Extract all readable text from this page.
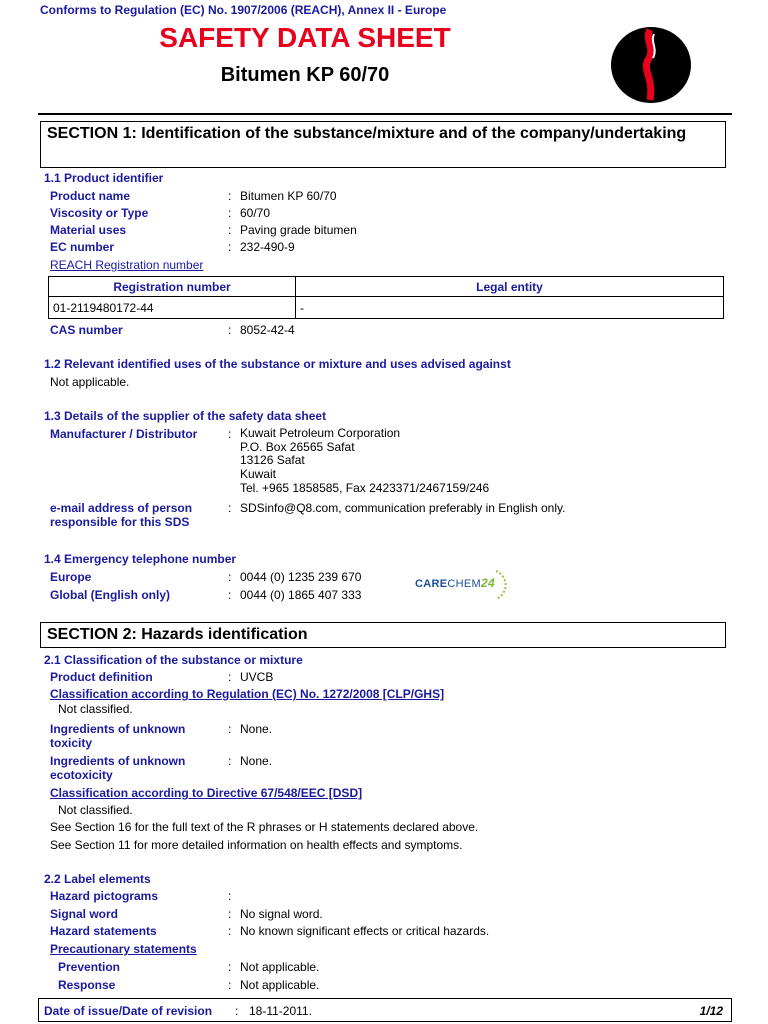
Conforms to Regulation (EC) No. 1907/2006 (REACH), Annex II - Europe
SAFETY DATA SHEET
Bitumen KP 60/70
SECTION 1: Identification of the substance/mixture and of the company/undertaking
1.1 Product identifier
Product name	: Bitumen KP 60/70
Viscosity or Type	: 60/70
Material uses	: Paving grade bitumen
EC number	: 232-490-9
REACH Registration number
Registration number	Legal entity
01-2119480172-44	-
CAS number	: 8052-42-4
1.2 Relevant identified uses of the substance or mixture and uses advised against
Not applicable.
1.3 Details of the supplier of the safety data sheet
Manufacturer / Distributor	: Kuwait Petroleum Corporation
P.O. Box 26565 Safat
13126 Safat
Kuwait
Tel. +965 1858585, Fax 2423371/2467159/246
e-mail address of person
responsible for this SDS
: SDSinfo@Q8.com, communication preferably in English only.
1.4 Emergency telephone number
Europe	: 0044 (0) 1235 239 670
Global (English only)	: 0044 (0) 1865 407 333
CARECHEM24
SECTION 2: Hazards identification
2.1 Classification of the substance or mixture
Product definition	: UVCB
Classification according to Regulation (EC) No. 1272/2008 [CLP/GHS]
Not classified.
Ingredients of unknown
toxicity
: None.
Ingredients of unknown
ecotoxicity
: None.
Classification according to Directive 67/548/EEC [DSD]
Not classified.
See Section 16 for the full text of the R phrases or H statements declared above.
See Section 11 for more detailed information on health effects and symptoms.
2.2 Label elements
Hazard pictograms	:
Signal word	: No signal word.
Hazard statements	: No known significant effects or critical hazards.
Precautionary statements
Prevention	: Not applicable.
Response	: Not applicable.
Date of issue/Date of revision : 18-11-2011.	1/12
